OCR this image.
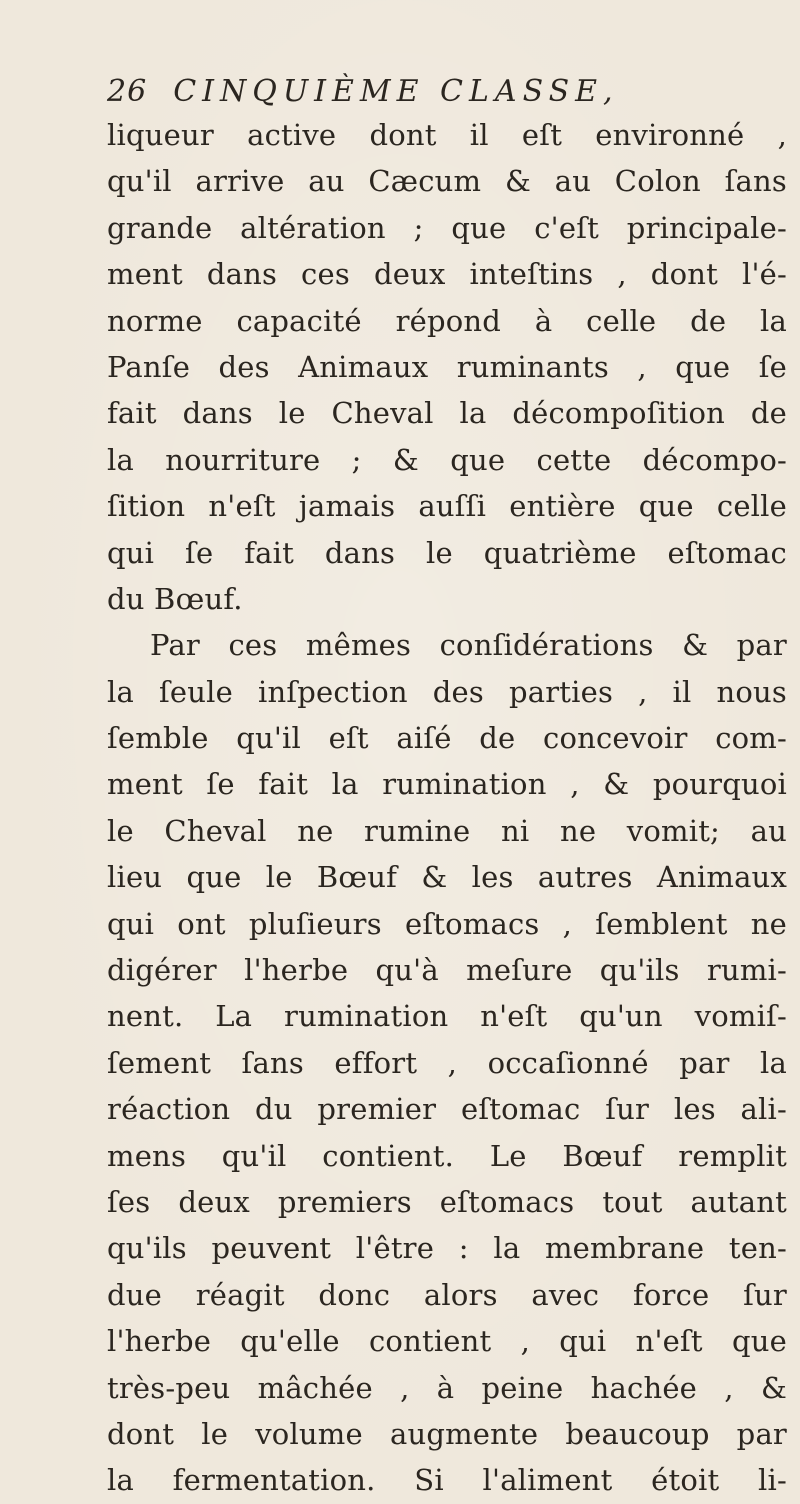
26 CINQUIÈME CLASSE,
liqueur active dont il eſt environné ,
qu'il arrive au Cæcum & au Colon ſans
grande altération ; que c'eſt principale-
ment dans ces deux inteſtins , dont l'é-
norme capacité répond à celle de la
Panſe des Animaux ruminants , que ſe
fait dans le Cheval la décompoſition de
la nourriture ; & que cette décompo-
ſition n'eſt jamais auſſi entière que celle
qui ſe fait dans le quatrième eſtomac
du Bœuf.
Par ces mêmes conſidérations & par
la ſeule inſpection des parties , il nous
ſemble qu'il eſt aiſé de concevoir com-
ment ſe fait la rumination , & pourquoi
le Cheval ne rumine ni ne vomit; au
lieu que le Bœuf & les autres Animaux
qui ont pluſieurs eſtomacs , ſemblent ne
digérer l'herbe qu'à meſure qu'ils rumi-
nent. La rumination n'eſt qu'un vomiſ-
ſement ſans effort , occaſionné par la
réaction du premier eſtomac ſur les ali-
mens qu'il contient. Le Bœuf remplit
ſes deux premiers eſtomacs tout autant
qu'ils peuvent l'être : la membrane ten-
due réagit donc alors avec force ſur
l'herbe qu'elle contient , qui n'eſt que
très-peu mâchée , à peine hachée , &
dont le volume augmente beaucoup par
la fermentation. Si l'aliment étoit li-
